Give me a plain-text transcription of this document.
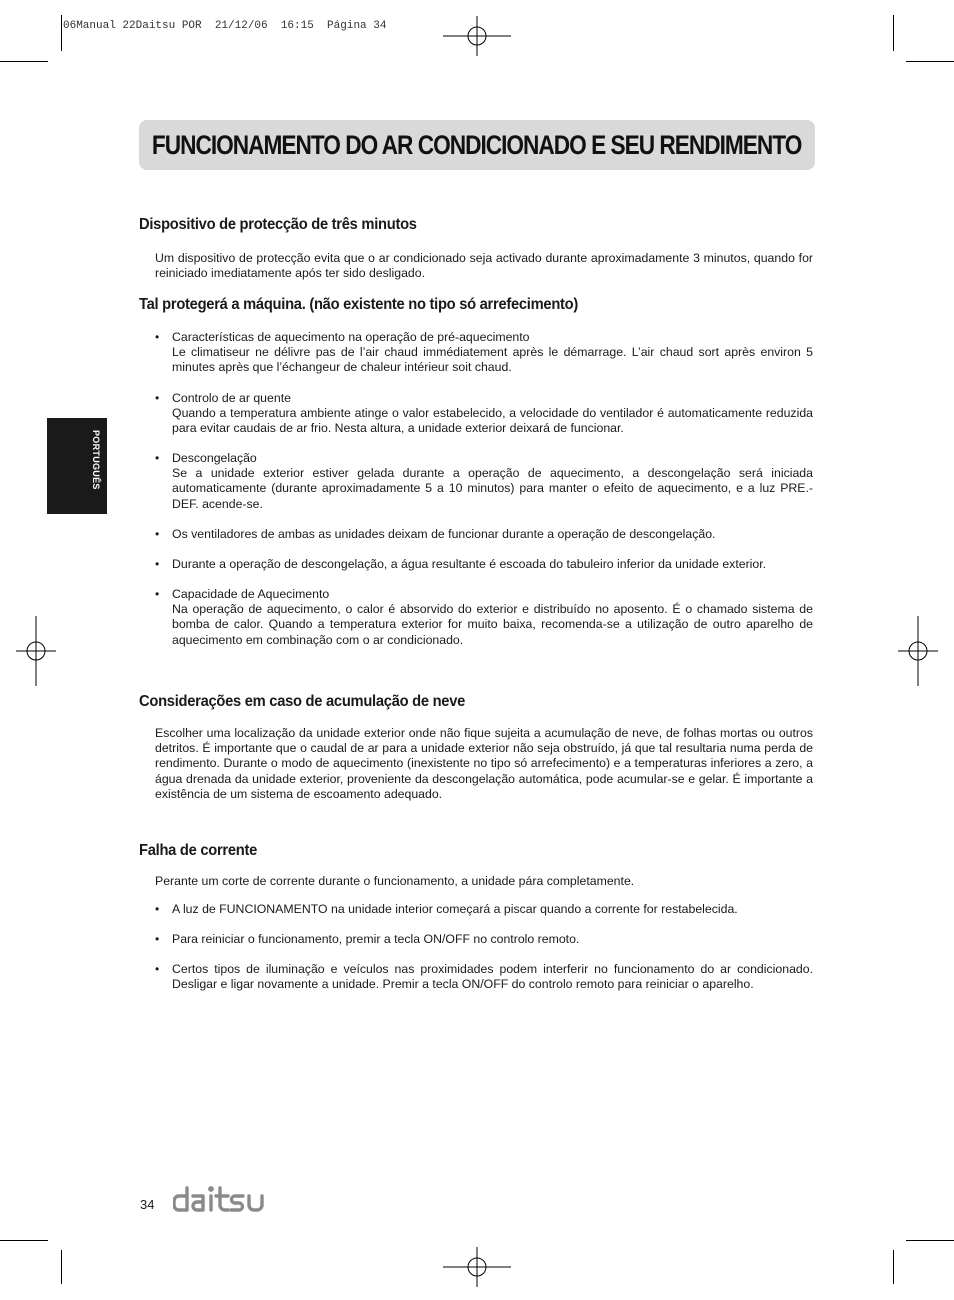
06Manual 22Daitsu POR  21/12/06  16:15  Página 34
FUNCIONAMENTO DO AR CONDICIONADO E SEU RENDIMENTO
PORTUGUÊS
Dispositivo de protecção de três minutos

Um dispositivo de protecção evita que o ar condicionado seja activado durante aproximadamente 3 minutos, quando for reiniciado imediatamente após ter sido desligado.

Tal protegerá a máquina. (não existente no tipo só arrefecimento)
• Características de aquecimento na operação de pré-aquecimento
Le climatiseur ne délivre pas de l’air chaud immédiatement après le démarrage. L’air chaud sort après environ 5 minutes après que l’échangeur de chaleur intérieur soit chaud.
• Controlo de ar quente
Quando a temperatura ambiente atinge o valor estabelecido, a velocidade do ventilador é automaticamente reduzida para evitar caudais de ar frio. Nesta altura, a unidade exterior deixará de funcionar.
• Descongelação
Se a unidade exterior estiver gelada durante a operação de aquecimento, a descongelação será iniciada automaticamente (durante aproximadamente 5 a 10 minutos) para manter o efeito de aquecimento, e a luz PRE.-DEF. acende-se.
• Os ventiladores de ambas as unidades deixam de funcionar durante a operação de descongelação.
• Durante a operação de descongelação, a água resultante é escoada do tabuleiro inferior da unidade exterior.
• Capacidade de Aquecimento
Na operação de aquecimento, o calor é absorvido do exterior e distribuído no aposento. É o chamado sistema de bomba de calor. Quando a temperatura exterior for muito baixa, recomenda-se a utilização de outro aparelho de aquecimento em combinação com o ar condicionado.
Considerações em caso de acumulação de neve

Escolher uma localização da unidade exterior onde não fique sujeita a acumulação de neve, de folhas mortas ou outros detritos. É importante que o caudal de ar para a unidade exterior não seja obstruído, já que tal resultaria numa perda de rendimento. Durante o modo de aquecimento (inexistente no tipo só arrefecimento) e a temperaturas inferiores a zero, a água drenada da unidade exterior, proveniente da descongelação automática, pode acumular-se e gelar. É importante a existência de um sistema de escoamento adequado.

Falha de corrente

Perante um corte de corrente durante o funcionamento, a unidade pára completamente.

• A luz de FUNCIONAMENTO na unidade interior começará a piscar quando a corrente for restabelecida.
• Para reiniciar o funcionamento, premir a tecla ON/OFF no controlo remoto.
• Certos tipos de iluminação e veículos nas proximidades podem interferir no funcionamento do ar condicionado. Desligar e ligar novamente a unidade. Premir a tecla ON/OFF do controlo remoto para reiniciar o aparelho.
34
